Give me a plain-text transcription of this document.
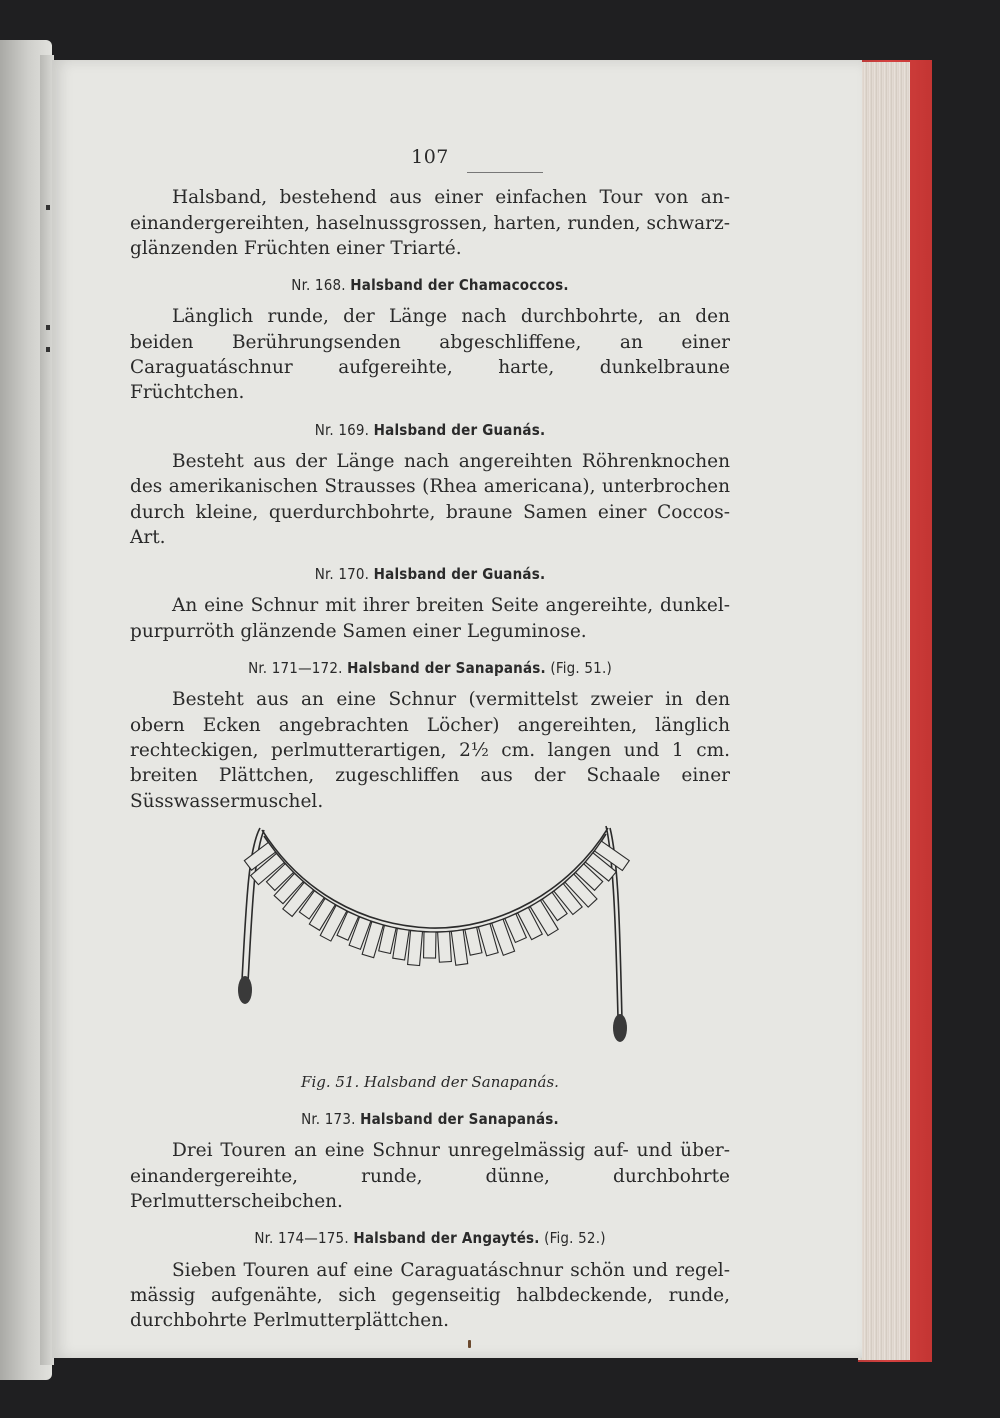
107

Halsband, bestehend aus einer einfachen Tour von aneinandergereihten, haselnussgrossen, harten, runden, schwarzglänzenden Früchten einer Triarté.

Nr. 168. Halsband der Chamacoccos.

Länglich runde, der Länge nach durchbohrte, an den beiden Berührungsenden abgeschliffene, an einer Caraguatáschnur aufgereihte, harte, dunkelbraune Früchtchen.

Nr. 169. Halsband der Guanás.

Besteht aus der Länge nach angereihten Röhrenknochen des amerikanischen Strausses (Rhea americana), unterbrochen durch kleine, querdurchbohrte, braune Samen einer Coccos-Art.

Nr. 170. Halsband der Guanás.

An eine Schnur mit ihrer breiten Seite angereihte, dunkelpurpurröth glänzende Samen einer Leguminose.

Nr. 171—172. Halsband der Sanapanás. (Fig. 51.)

Besteht aus an eine Schnur (vermittelst zweier in den obern Ecken angebrachten Löcher) angereihten, länglich rechteckigen, perlmutterartigen, 2½ cm. langen und 1 cm. breiten Plättchen, zugeschliffen aus der Schaale einer Süsswassermuschel.

Fig. 51. Halsband der Sanapanás.
Nr. 173. Halsband der Sanapanás.

Drei Touren an eine Schnur unregelmässig auf- und übereinandergereihte, runde, dünne, durchbohrte Perlmutterscheibchen.

Nr. 174—175. Halsband der Angaytés. (Fig. 52.)

Sieben Touren auf eine Caraguatáschnur schön und regelmässig aufgenähte, sich gegenseitig halbdeckende, runde, durchbohrte Perlmutterplättchen.
